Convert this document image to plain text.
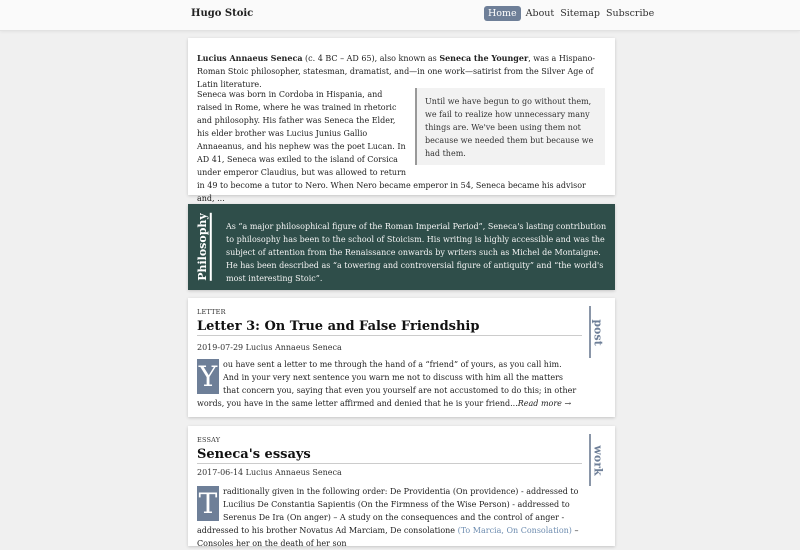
Hugo Stoic	Home About Sitemap Subscribe

Lucius Annaeus Seneca (c. 4 BC – AD 65), also known as Seneca the Younger, was a Hispano-Roman Stoic philosopher, statesman, dramatist, and—in one work—satirist from the Silver Age of Latin literature.

Until we have begun to go without them, we fail to realize how unnecessary many things are. We've been using them not because we needed them but because we had them.

Seneca was born in Cordoba in Hispania, and raised in Rome, where he was trained in rhetoric and philosophy. His father was Seneca the Elder, his elder brother was Lucius Junius Gallio Annaeanus, and his nephew was the poet Lucan. In AD 41, Seneca was exiled to the island of Corsica under emperor Claudius, but was allowed to return in 49 to become a tutor to Nero. When Nero became emperor in 54, Seneca became his advisor and, ...

Philosophy	As “a major philosophical figure of the Roman Imperial Period”, Seneca's lasting contribution to philosophy has been to the school of Stoicism. His writing is highly accessible and was the subject of attention from the Renaissance onwards by writers such as Michel de Montaigne. He has been described as “a towering and controversial figure of antiquity” and “the world's most interesting Stoic”.
LETTER
Letter 3: On True and False Friendship	post
2019-07-29 Lucius Annaeus Seneca
Y ou have sent a letter to me through the hand of a “friend” of yours, as you call him. And in your very next sentence you warn me not to discuss with him all the matters that concern you, saying that even you yourself are not accustomed to do this; in other words, you have in the same letter affirmed and denied that he is your friend...Read more →
ESSAY
Seneca's essays	work
2017-06-14 Lucius Annaeus Seneca
T raditionally given in the following order: De Providentia (On providence) - addressed to Lucilius De Constantia Sapientis (On the Firmness of the Wise Person) - addressed to Serenus De Ira (On anger) – A study on the consequences and the control of anger - addressed to his brother Novatus Ad Marciam, De consolatione (To Marcia, On Consolation) – Consoles her on the death of her son
